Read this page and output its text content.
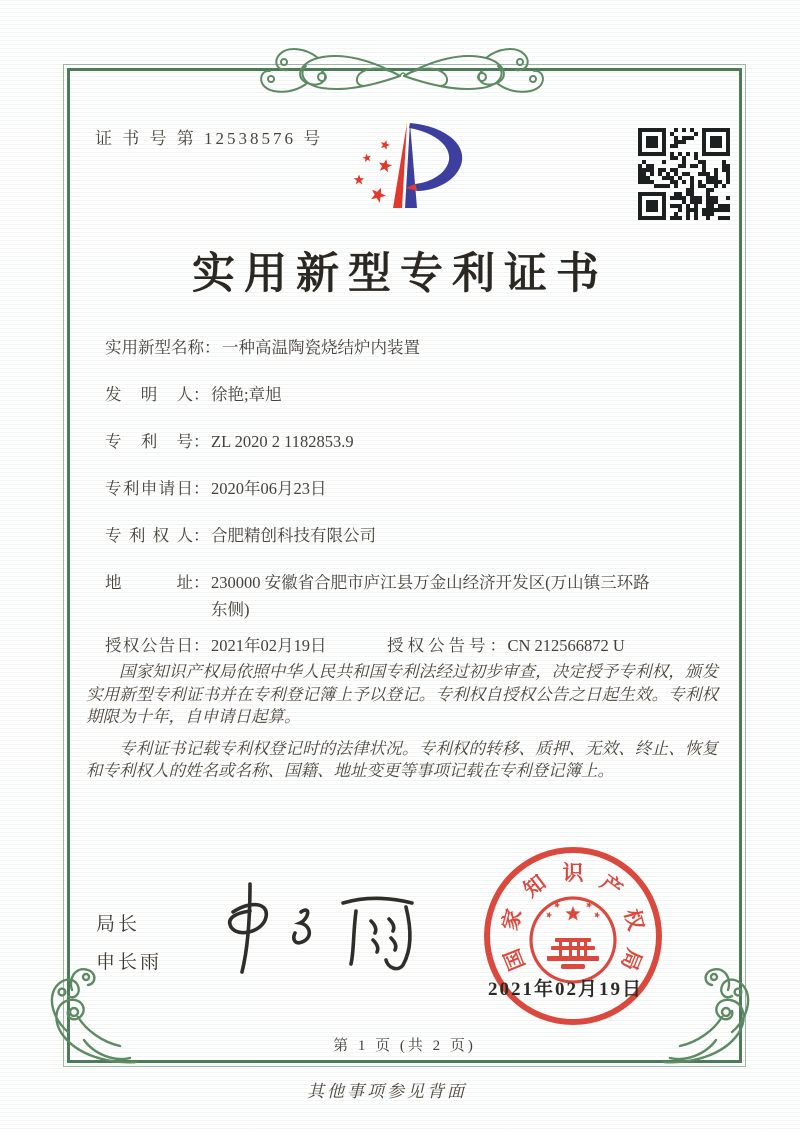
证 书 号 第 12538576 号
实用新型专利证书
实用新型名称 ： 一种高温陶瓷烧结炉内装置
发明人 ： 徐艳;章旭
专利号 ： ZL 2020 2 1182853.9
专利申请日 ： 2020年06月23日
专利权人 ： 合肥精创科技有限公司
地址 ： 230000 安徽省合肥市庐江县万金山经济开发区(万山镇三环路东侧)
授权公告日 ： 2021年02月19日	授权公告号 ： CN 212566872 U

国家知识产权局依照中华人民共和国专利法经过初步审查，决定授予专利权，颁发实用新型专利证书并在专利登记簿上予以登记。专利权自授权公告之日起生效。专利权期限为十年，自申请日起算。

专利证书记载专利权登记时的法律状况。专利权的转移、质押、无效、终止、恢复和专利权人的姓名或名称、国籍、地址变更等事项记载在专利登记簿上。

局长
申长雨	国
家
知 识 产
权
局
2021年02月19日
第 1 页 (共 2 页)
其他事项参见背面
